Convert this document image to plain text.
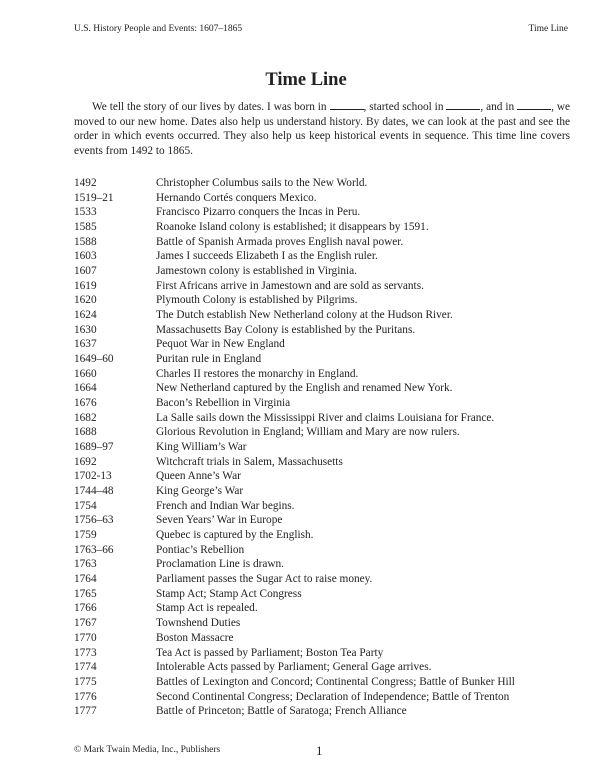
U.S. History People and Events: 1607–1865	Time Line
Time Line

We tell the story of our lives by dates. I was born in	, started school in	, and in	, we moved to our new home. Dates also help us understand history. By dates, we can look at the past and see the order in which events occurred. They also help us keep historical events in sequence. This time line covers events from 1492 to 1865.

1492	Christopher Columbus sails to the New World.
1519–21	Hernando Cortés conquers Mexico.
1533	Francisco Pizarro conquers the Incas in Peru.
1585	Roanoke Island colony is established; it disappears by 1591.
1588	Battle of Spanish Armada proves English naval power.
1603	James I succeeds Elizabeth I as the English ruler.
1607	Jamestown colony is established in Virginia.
1619	First Africans arrive in Jamestown and are sold as servants.
1620	Plymouth Colony is established by Pilgrims.
1624	The Dutch establish New Netherland colony at the Hudson River.
1630	Massachusetts Bay Colony is established by the Puritans.
1637	Pequot War in New England
1649–60	Puritan rule in England
1660	Charles II restores the monarchy in England.
1664	New Netherland captured by the English and renamed New York.
1676	Bacon’s Rebellion in Virginia
1682	La Salle sails down the Mississippi River and claims Louisiana for France.
1688	Glorious Revolution in England; William and Mary are now rulers.
1689–97	King William’s War
1692	Witchcraft trials in Salem, Massachusetts
1702-13	Queen Anne’s War
1744–48	King George’s War
1754	French and Indian War begins.
1756–63	Seven Years’ War in Europe
1759	Quebec is captured by the English.
1763–66	Pontiac’s Rebellion
1763	Proclamation Line is drawn.
1764	Parliament passes the Sugar Act to raise money.
1765	Stamp Act; Stamp Act Congress
1766	Stamp Act is repealed.
1767	Townshend Duties
1770	Boston Massacre
1773	Tea Act is passed by Parliament; Boston Tea Party
1774	Intolerable Acts passed by Parliament; General Gage arrives.
1775	Battles of Lexington and Concord; Continental Congress; Battle of Bunker Hill
1776	Second Continental Congress; Declaration of Independence; Battle of Trenton
1777	Battle of Princeton; Battle of Saratoga; French Alliance
© Mark Twain Media, Inc., Publishers	1
